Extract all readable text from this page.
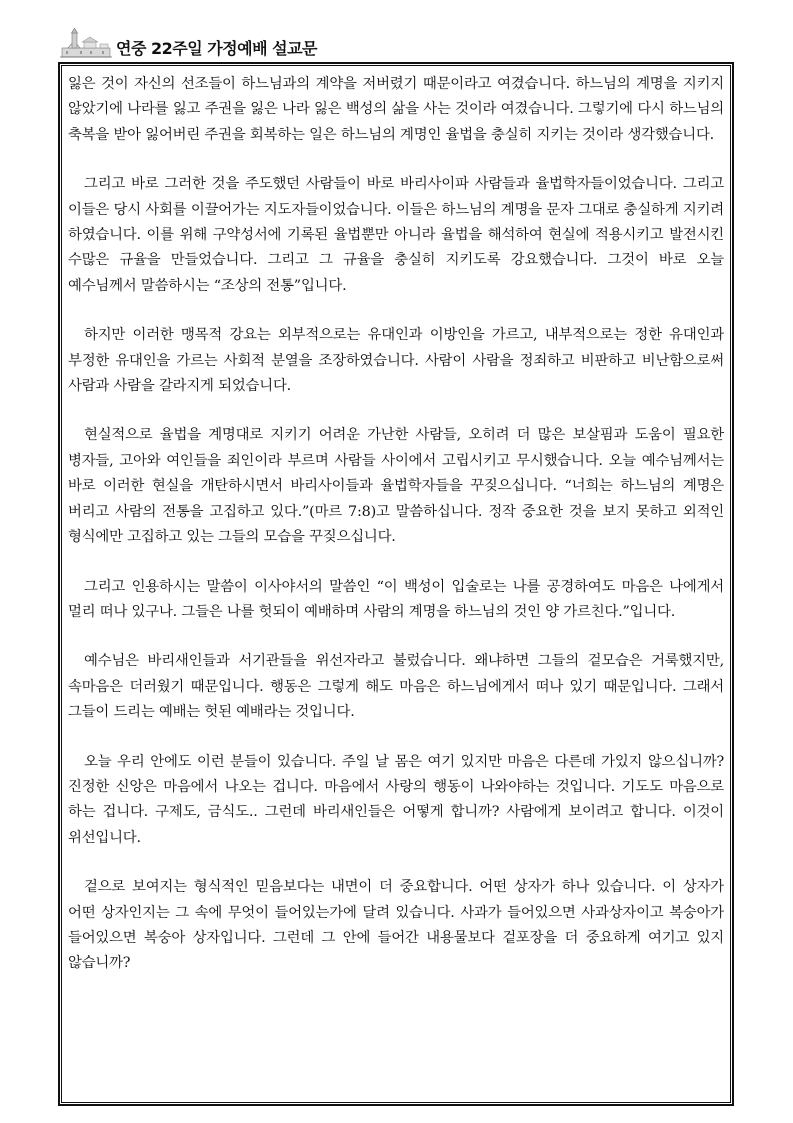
연중 22주일 가정예배 설교문

잃은 것이 자신의 선조들이 하느님과의 계약을 저버렸기 때문이라고 여겼습니다. 하느님의 계명을 지키지 않았기에 나라를 잃고 주권을 잃은 나라 잃은 백성의 삶을 사는 것이라 여겼습니다. 그렇기에 다시 하느님의 축복을 받아 잃어버린 주권을 회복하는 일은 하느님의 계명인 율법을 충실히 지키는 것이라 생각했습니다.

그리고 바로 그러한 것을 주도했던 사람들이 바로 바리사이파 사람들과 율법학자들이었습니다. 그리고 이들은 당시 사회를 이끌어가는 지도자들이었습니다. 이들은 하느님의 계명을 문자 그대로 충실하게 지키려 하였습니다. 이를 위해 구약성서에 기록된 율법뿐만 아니라 율법을 해석하여 현실에 적용시키고 발전시킨 수많은 규율을 만들었습니다. 그리고 그 규율을 충실히 지키도록 강요했습니다. 그것이 바로 오늘 예수님께서 말씀하시는 “조상의 전통”입니다.

하지만 이러한 맹목적 강요는 외부적으로는 유대인과 이방인을 가르고, 내부적으로는 정한 유대인과 부정한 유대인을 가르는 사회적 분열을 조장하였습니다. 사람이 사람을 정죄하고 비판하고 비난함으로써 사람과 사람을 갈라지게 되었습니다.

현실적으로 율법을 계명대로 지키기 어려운 가난한 사람들, 오히려 더 많은 보살핌과 도움이 필요한 병자들, 고아와 여인들을 죄인이라 부르며 사람들 사이에서 고립시키고 무시했습니다. 오늘 예수님께서는 바로 이러한 현실을 개탄하시면서 바리사이들과 율법학자들을 꾸짖으십니다. “너희는 하느님의 계명은 버리고 사람의 전통을 고집하고 있다.”(마르 7:8)고 말씀하십니다. 정작 중요한 것을 보지 못하고 외적인 형식에만 고집하고 있는 그들의 모습을 꾸짖으십니다.

그리고 인용하시는 말씀이 이사야서의 말씀인 “이 백성이 입술로는 나를 공경하여도 마음은 나에게서 멀리 떠나 있구나. 그들은 나를 헛되이 예배하며 사람의 계명을 하느님의 것인 양 가르친다.”입니다.

예수님은 바리새인들과 서기관들을 위선자라고 불렀습니다. 왜냐하면 그들의 겉모습은 거룩했지만, 속마음은 더러웠기 때문입니다. 행동은 그렇게 해도 마음은 하느님에게서 떠나 있기 때문입니다. 그래서 그들이 드리는 예배는 헛된 예배라는 것입니다.

오늘 우리 안에도 이런 분들이 있습니다. 주일 날 몸은 여기 있지만 마음은 다른데 가있지 않으십니까? 진정한 신앙은 마음에서 나오는 겁니다. 마음에서 사랑의 행동이 나와야하는 것입니다. 기도도 마음으로 하는 겁니다. 구제도, 금식도.. 그런데 바리새인들은 어떻게 합니까? 사람에게 보이려고 합니다. 이것이 위선입니다.

겉으로 보여지는 형식적인 믿음보다는 내면이 더 중요합니다. 어떤 상자가 하나 있습니다. 이 상자가 어떤 상자인지는 그 속에 무엇이 들어있는가에 달려 있습니다. 사과가 들어있으면 사과상자이고 복숭아가 들어있으면 복숭아 상자입니다. 그런데 그 안에 들어간 내용물보다 겉포장을 더 중요하게 여기고 있지 않습니까?
